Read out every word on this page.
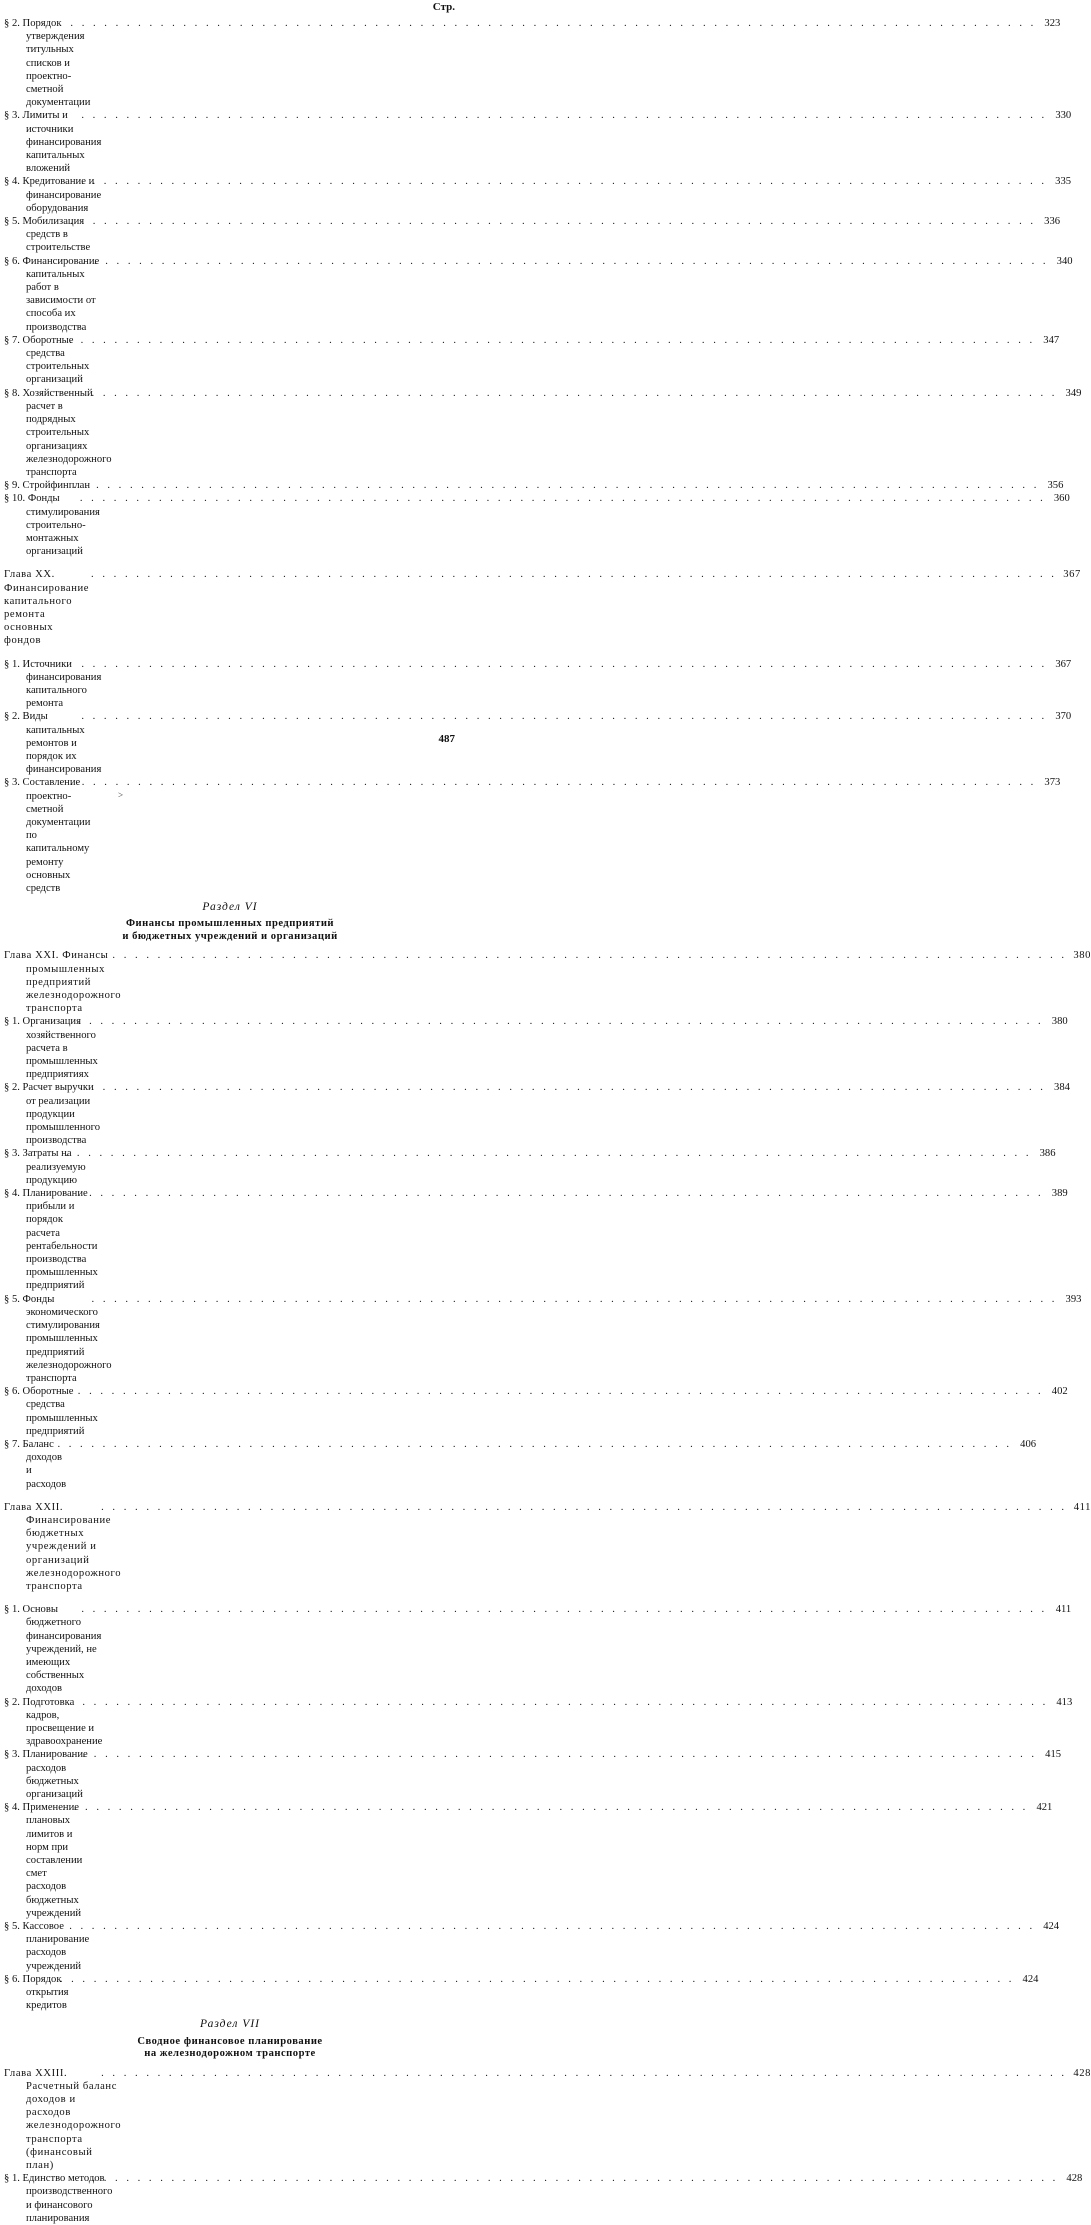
Стр.
§ 2. Порядок утверждения титульных списков и проектно-сметной документации
. . .
323
§ 3. Лимиты и источники финансирования капитальных вложений
. . .
330
§ 4. Кредитование и финансирование оборудования
. . .
335
§ 5. Мобилизация средств в строительстве
. . .
336
§ 6. Финансирование капитальных работ в зависимости от способа их производства
. . .
340
§ 7. Оборотные средства строительных организаций
. . .
347
§ 8. Хозяйственный расчет в подрядных строительных организациях железнодорожного транспорта
. . .
349
§ 9. Стройфинплан
. . .	356
§ 10. Фонды стимулирования строительно-монтажных организаций
. . .
360
Глава XX. Финансирование капитального ремонта основных фондов
. . .
367
§ 1. Источники финансирования капитального ремонта
. . .
367
§ 2. Виды капитальных ремонтов и порядок их финансирования
. . .
370
§ 3. Составление проектно-сметной документации по капитальному ремонту основных средств
. . .
373
Раздел VI
Финансы промышленных предприятий
и бюджетных учреждений и организаций
Глава XXI. Финансы промышленных предприятий железнодорожного транспорта
. . .
380
§ 1. Организация хозяйственного расчета в промышленных предприятиях
. . .
380
§ 2. Расчет выручки от реализации продукции промышленного производства
. . .
384
§ 3. Затраты на реализуемую продукцию
. . .
386
§ 4. Планирование прибыли и порядок расчета рентабельности производства промышленных предприятий
. . .
389
§ 5. Фонды экономического стимулирования промышленных предприятий железнодорожного транспорта
. . .
393
§ 6. Оборотные средства промышленных предприятий
. . .
402
§ 7. Баланс доходов и расходов
. . .
406
Глава XXII. Финансирование бюджетных учреждений и организаций железнодорожного транспорта
. . .
411
§ 1. Основы бюджетного финансирования учреждений, не имеющих собственных доходов
. . .
411
§ 2. Подготовка кадров, просвещение и здравоохранение
. . .
413
§ 3. Планирование расходов бюджетных организаций
. . .
415
§ 4. Применение плановых лимитов и норм при составлении смет расходов бюджетных учреждений
. . .
421
§ 5. Кассовое планирование расходов учреждений
. . .
424
§ 6. Порядок открытия кредитов
. . .
424
Раздел VII
Сводное финансовое планирование
на железнодорожном транспорте
Глава XXIII. Расчетный баланс доходов и расходов железнодорожного транспорта (финансовый план)
. . .
428
§ 1. Единство методов производственного и финансового планирования
. . .
428
487
>
